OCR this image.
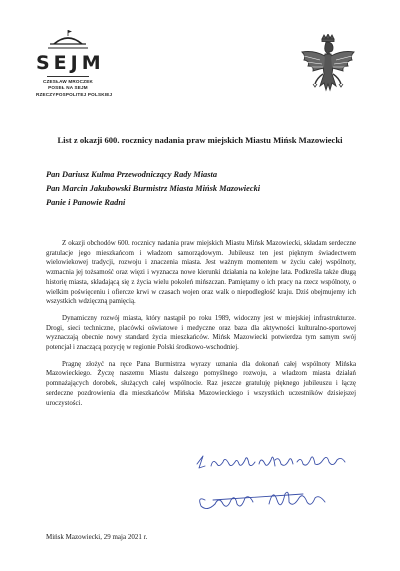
SEJM
CZESŁAW MROCZEK
POSEŁ NA SEJM
RZECZYPOSPOLITEJ POLSKIEJ
List z okazji 600. rocznicy nadania praw miejskich Miastu Mińsk Mazowiecki
Pan Dariusz Kulma Przewodniczący Rady Miasta
Pan Marcin Jakubowski Burmistrz Miasta Mińsk Mazowiecki
Panie i Panowie Radni

Z okazji obchodów 600. rocznicy nadania praw miejskich Miastu Mińsk Mazowiecki, składam serdeczne gratulacje jego mieszkańcom i władzom samorządowym. Jubileusz ten jest pięknym świadectwem wielowiekowej tradycji, rozwoju i znaczenia miasta. Jest ważnym momentem w życiu całej wspólnoty, wzmacnia jej tożsamość oraz więzi i wyznacza nowe kierunki działania na kolejne lata. Podkreśla także długą historię miasta, składającą się z życia wielu pokoleń mińszczan. Pamiętamy o ich pracy na rzecz wspólnoty, o wielkim poświęceniu i ofiercze krwi w czasach wojen oraz walk o niepodległość kraju. Dziś obejmujemy ich wszystkich wdzięczną pamięcią.

Dynamiczny rozwój miasta, który nastąpił po roku 1989, widoczny jest w miejskiej infrastrukturze. Drogi, sieci techniczne, placówki oświatowe i medyczne oraz baza dla aktywności kulturalno-sportowej wyznaczają obecnie nowy standard życia mieszkańców. Mińsk Mazowiecki potwierdza tym samym swój potencjał i znaczącą pozycję w regionie Polski środkowo-wschodniej.

Pragnę złożyć na ręce Pana Burmistrza wyrazy uznania dla dokonań całej wspólnoty Mińska Mazowieckiego. Życzę naszemu Miastu dalszego pomyślnego rozwoju, a władzom miasta działań pomnażających dorobek, służących całej wspólnocie. Raz jeszcze gratuluję pięknego jubileuszu i łączę serdeczne pozdrowienia dla mieszkańców Mińska Mazowieckiego i wszystkich uczestników dzisiejszej uroczystości.

Mińsk Mazowiecki, 29 maja 2021 r.
